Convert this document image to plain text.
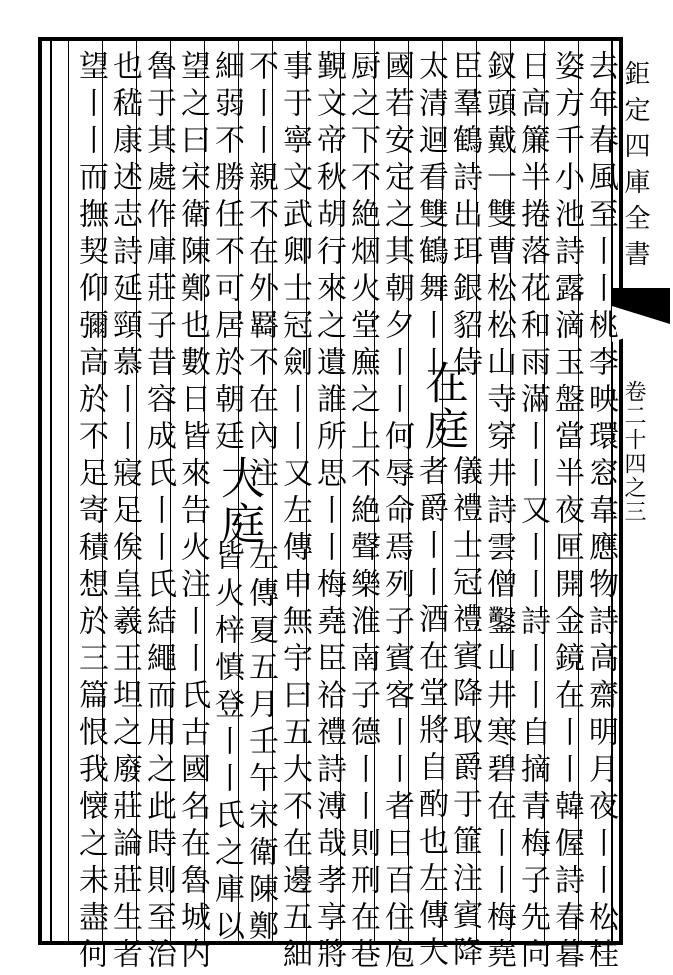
鉅定四庫全書
卷二十四之三
去年春風至丨丨桃李映環窓韋應物詩高齋明月夜丨丨松桂
姿方千小池詩露滴玉盤當半夜匣開金鏡在丨丨韓偓詩春暮
日高簾半捲落花和雨滿丨丨又丨丨詩丨丨自摘青梅子先向
釵頭戴一雙曹松松山寺穿井詩雲僧鑿山井寒碧在丨丨梅堯
臣羣鶴詩出珥銀貂侍
在庭
儀禮士冠禮賓降取爵于篚注賓降
太清迴看雙鶴舞丨丨
者爵丨丨酒在堂將自酌也左傳大
國若安定之其朝夕丨丨何辱命焉列子賓客丨丨者日百住庖
厨之下不絶烟火堂廡之上不絶聲樂淮南子德丨丨則刑在巷
覲文帝秋胡行來之遺誰所思丨丨梅堯臣祫禮詩溥哉孝享將
事于寧文武卿士冠劍丨丨又左傳申無宇曰五大不在邊五細
不丨丨親不在外羇不在內注
大庭
左傳夏五月壬午宋衛陳鄭
細弱不勝任不可居於朝廷
皆火梓慎登丨丨氏之庫以
望之曰宋衛陳鄭也數日皆來告火注丨丨氏古國名在魯城内
魯于其處作庫莊子昔容成氏丨丨氏結繩而用之此時則至治
也嵇康述志詩延頸慕丨丨寢足俟皇羲王坦之廢莊論莊生者
望丨丨而撫契仰彌高於不足寄積想於三篇恨我懐之未盡何
